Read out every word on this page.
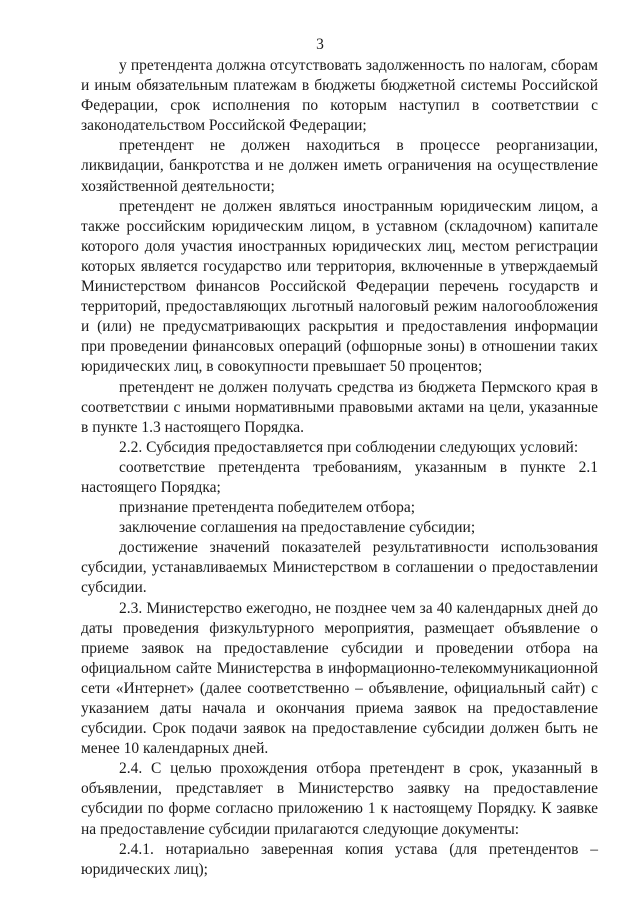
3

у претендента должна отсутствовать задолженность по налогам, сборам и иным обязательным платежам в бюджеты бюджетной системы Российской Федерации, срок исполнения по которым наступил в соответствии с законодательством Российской Федерации;

претендент не должен находиться в процессе реорганизации, ликвидации, банкротства и не должен иметь ограничения на осуществление хозяйственной деятельности;

претендент не должен являться иностранным юридическим лицом, а также российским юридическим лицом, в уставном (складочном) капитале которого доля участия иностранных юридических лиц, местом регистрации которых является государство или территория, включенные в утверждаемый Министерством финансов Российской Федерации перечень государств и территорий, предоставляющих льготный налоговый режим налогообложения и (или) не предусматривающих раскрытия и предоставления информации при проведении финансовых операций (офшорные зоны) в отношении таких юридических лиц, в совокупности превышает 50 процентов;

претендент не должен получать средства из бюджета Пермского края в соответствии с иными нормативными правовыми актами на цели, указанные в пункте 1.3 настоящего Порядка.

2.2. Субсидия предоставляется при соблюдении следующих условий:

соответствие претендента требованиям, указанным в пункте 2.1 настоящего Порядка;

признание претендента победителем отбора;

заключение соглашения на предоставление субсидии;

достижение значений показателей результативности использования субсидии, устанавливаемых Министерством в соглашении о предоставлении субсидии.

2.3. Министерство ежегодно, не позднее чем за 40 календарных дней до даты проведения физкультурного мероприятия, размещает объявление о приеме заявок на предоставление субсидии и проведении отбора на официальном сайте Министерства в информационно-телекоммуникационной сети «Интернет» (далее соответственно – объявление, официальный сайт) с указанием даты начала и окончания приема заявок на предоставление субсидии. Срок подачи заявок на предоставление субсидии должен быть не менее 10 календарных дней.

2.4. С целью прохождения отбора претендент в срок, указанный в объявлении, представляет в Министерство заявку на предоставление субсидии по форме согласно приложению 1 к настоящему Порядку. К заявке на предоставление субсидии прилагаются следующие документы:

2.4.1. нотариально заверенная копия устава (для претендентов – юридических лиц);
